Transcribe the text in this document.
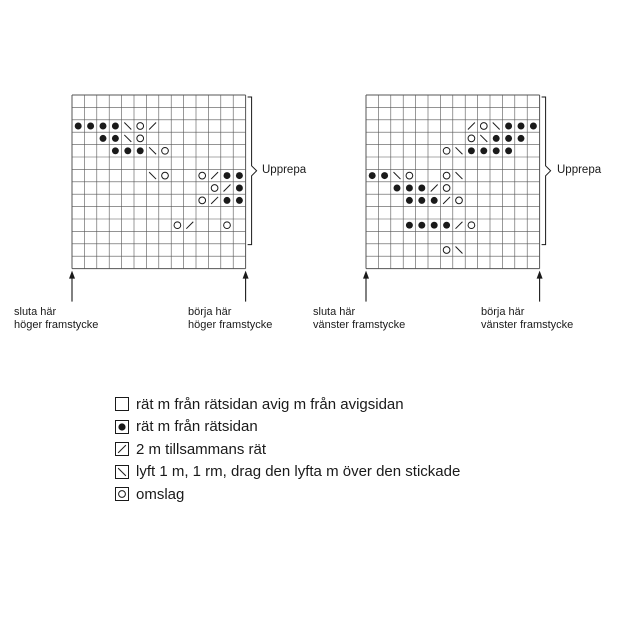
sluta här
höger framstycke
börja här
höger framstycke
sluta här
vänster framstycke
börja här
vänster framstycke
Upprepa	Upprepa
rät m från rätsidan avig m från avigsidan
rät m från rätsidan
2 m tillsammans rät
lyft 1 m, 1 rm, drag den lyfta m över den stickade
omslag
